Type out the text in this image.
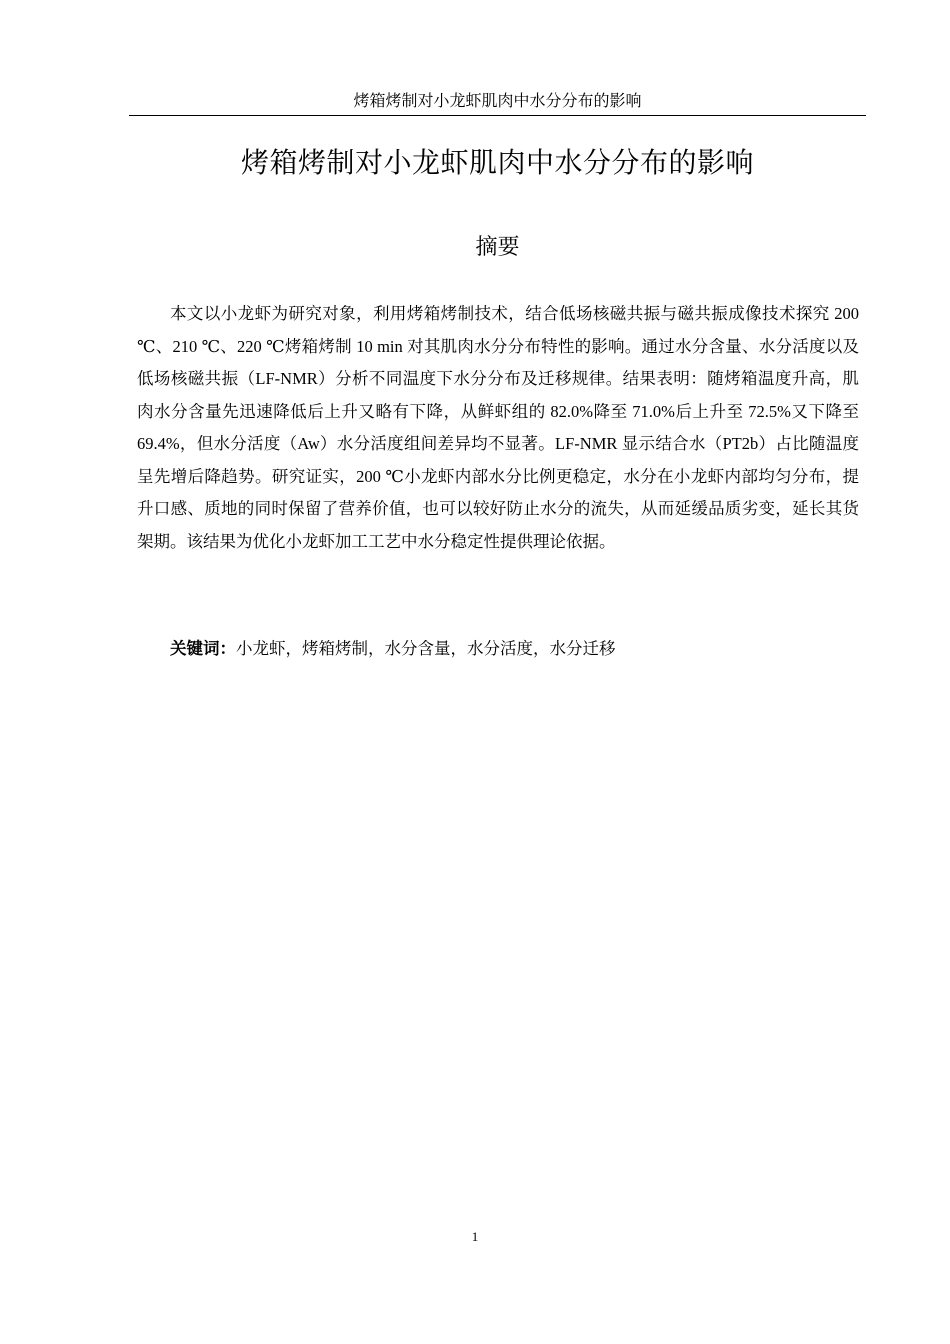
烤箱烤制对小龙虾肌肉中水分分布的影响
烤箱烤制对小龙虾肌肉中水分分布的影响
摘要

本文以小龙虾为研究对象，利用烤箱烤制技术，结合低场核磁共振与磁共振成像技术探究 200 ℃、210 ℃、220 ℃烤箱烤制 10 min 对其肌肉水分分布特性的影响。通过水分含量、水分活度以及低场核磁共振（LF-NMR）分析不同温度下水分分布及迁移规律。结果表明：随烤箱温度升高，肌肉水分含量先迅速降低后上升又略有下降，从鲜虾组的 82.0%降至 71.0%后上升至 72.5%又下降至 69.4%，但水分活度（Aw）水分活度组间差异均不显著。LF-NMR 显示结合水（PT2b）占比随温度呈先增后降趋势。研究证实，200 ℃小龙虾内部水分比例更稳定，水分在小龙虾内部均匀分布，提升口感、质地的同时保留了营养价值，也可以较好防止水分的流失，从而延缓品质劣变，延长其货架期。该结果为优化小龙虾加工工艺中水分稳定性提供理论依据。

关键词：小龙虾，烤箱烤制，水分含量，水分活度，水分迁移

1
